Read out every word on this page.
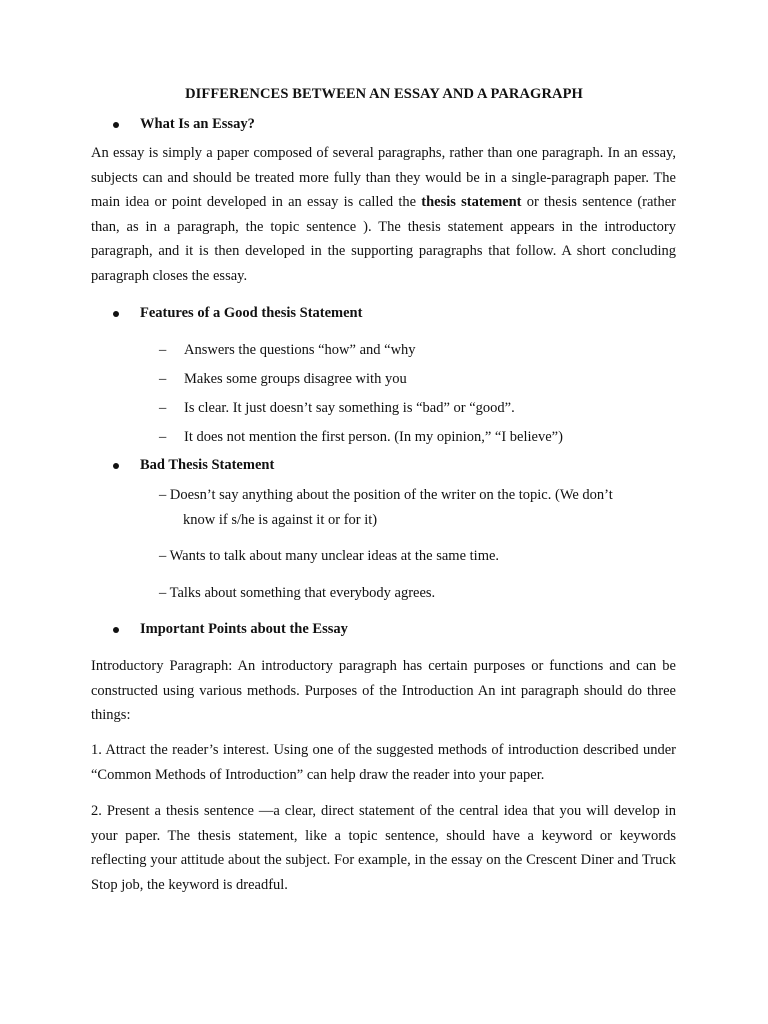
DIFFERENCES BETWEEN AN ESSAY AND A PARAGRAPH
What Is an Essay?
An essay is simply a paper composed of several paragraphs, rather than one paragraph. In an essay, subjects can and should be treated more fully than they would be in a single-paragraph paper. The main idea or point developed in an essay is called the thesis statement or thesis sentence (rather than, as in a paragraph, the topic sentence ). The thesis statement appears in the introductory paragraph, and it is then developed in the supporting paragraphs that follow. A short concluding paragraph closes the essay.
Features of a Good thesis Statement
–	Answers the questions “how” and “why
–	Makes some groups disagree with you
–	Is clear. It just doesn’t say something is “bad” or “good”.
–	It does not mention the first person. (In my opinion,” “I believe”)
Bad Thesis Statement
– Doesn’t say anything about the position of the writer on the topic. (We don’t
know if s/he is against it or for it)
– Wants to talk about many unclear ideas at the same time.
– Talks about something that everybody agrees.
Important Points about the Essay
Introductory Paragraph: An introductory paragraph has certain purposes or functions and can be constructed using various methods. Purposes of the Introduction An int paragraph should do three things:
1. Attract the reader’s interest. Using one of the suggested methods of introduction described under “Common Methods of Introduction” can help draw the reader into your paper.
2. Present a thesis sentence —a clear, direct statement of the central idea that you will develop in your paper. The thesis statement, like a topic sentence, should have a keyword or keywords reflecting your attitude about the subject. For example, in the essay on the Crescent Diner and Truck Stop job, the keyword is dreadful.
